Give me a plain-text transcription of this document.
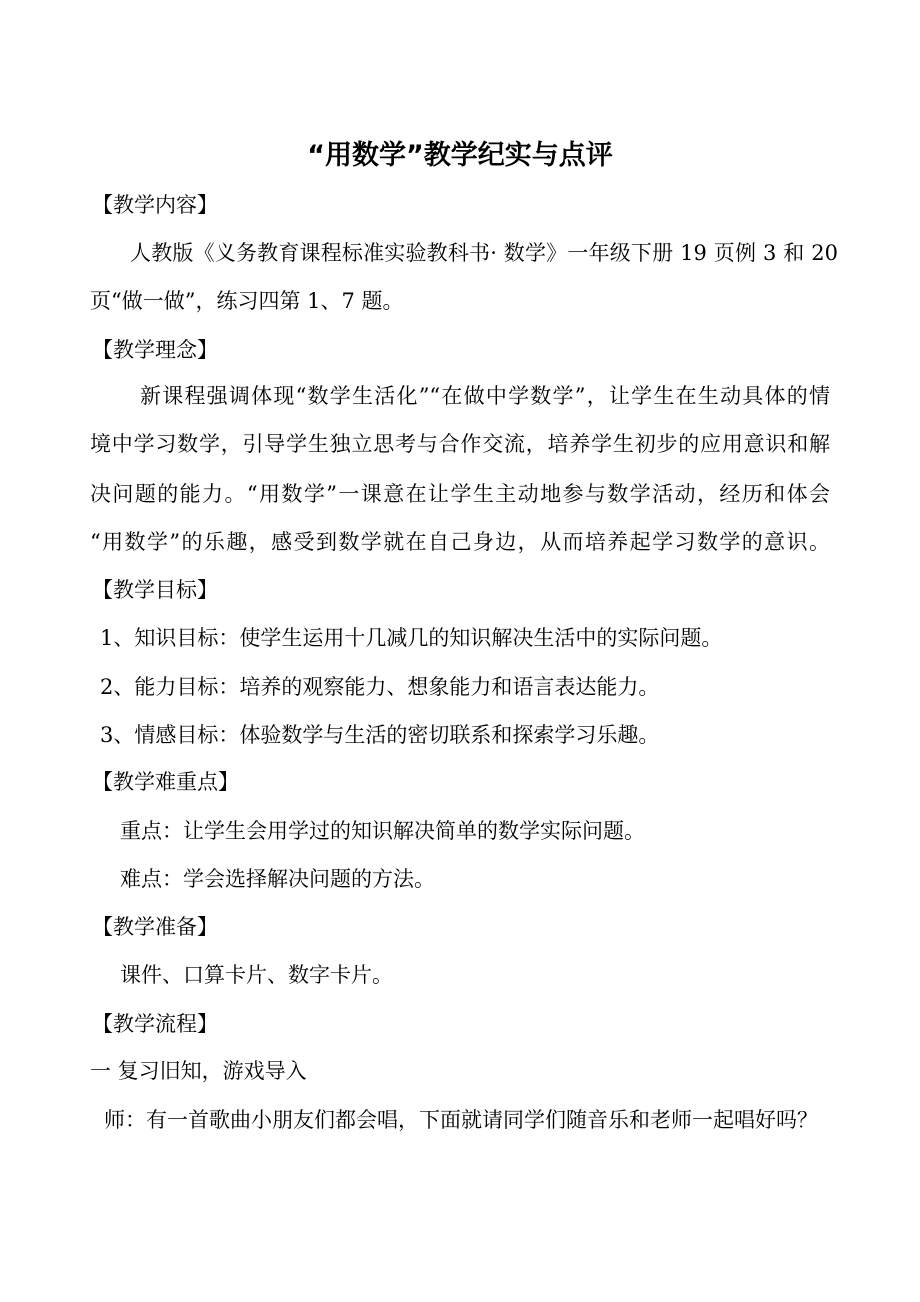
“用数学”教学纪实与点评
【教学内容】
人教版《义务教育课程标准实验教科书· 数学》一年级下册 19 页例 3 和 20
页“做一做”，练习四第 1、7 题。
【教学理念】
新课程强调体现“数学生活化”“在做中学数学”，让学生在生动具体的情
境中学习数学，引导学生独立思考与合作交流，培养学生初步的应用意识和解
决问题的能力。“用数学”一课意在让学生主动地参与数学活动，经历和体会
“用数学”的乐趣，感受到数学就在自己身边，从而培养起学习数学的意识。
【教学目标】
1、知识目标：使学生运用十几减几的知识解决生活中的实际问题。
2、能力目标：培养的观察能力、想象能力和语言表达能力。
3、情感目标：体验数学与生活的密切联系和探索学习乐趣。
【教学难重点】
重点：让学生会用学过的知识解决简单的数学实际问题。
难点：学会选择解决问题的方法。
【教学准备】
课件、口算卡片、数字卡片。
【教学流程】
一 复习旧知，游戏导入
师：有一首歌曲小朋友们都会唱，下面就请同学们随音乐和老师一起唱好吗？
